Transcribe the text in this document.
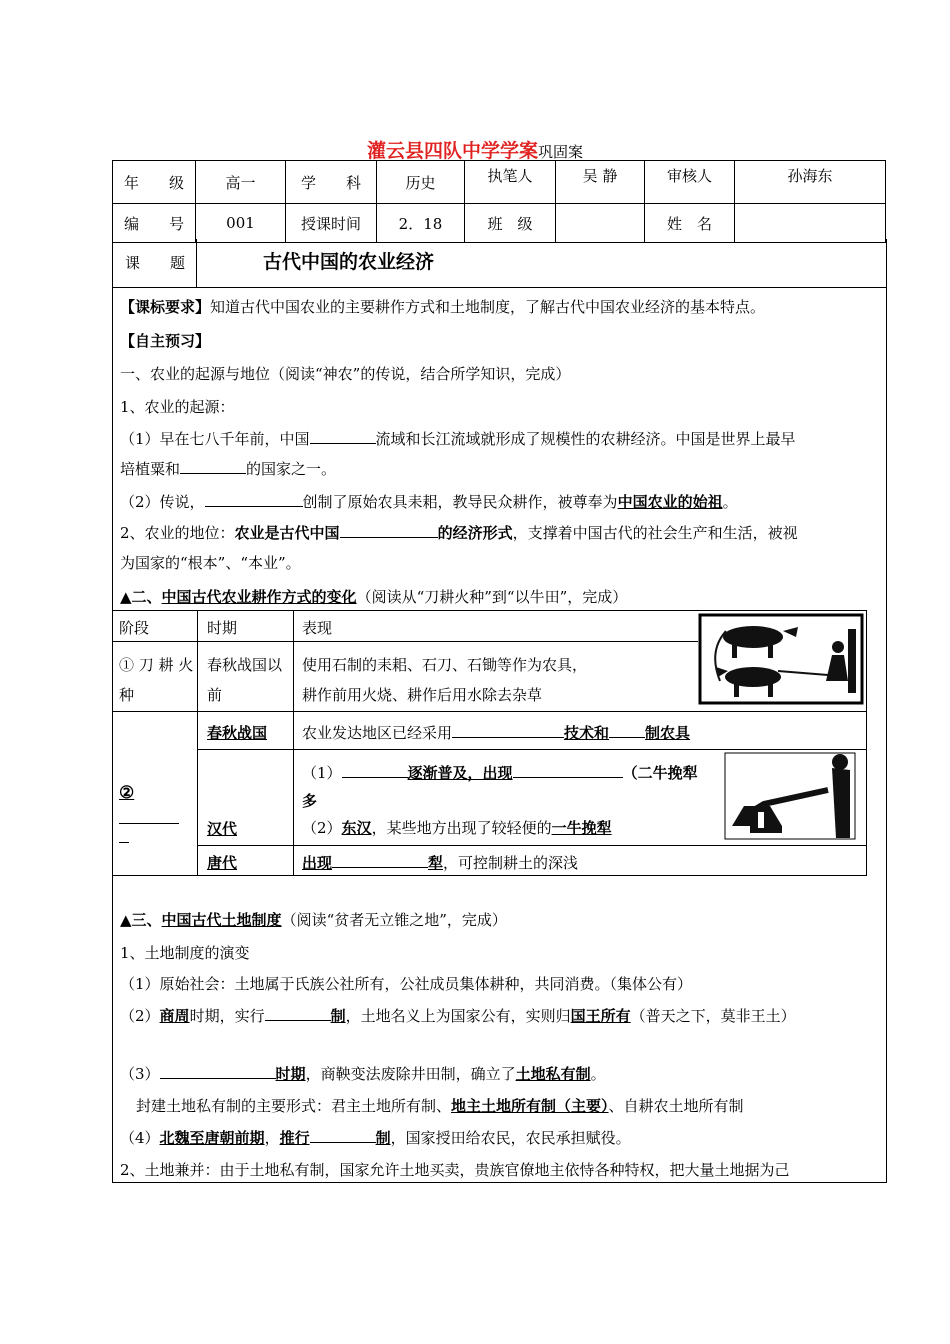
灌云县四队中学学案巩固案
年　　级	高一	学　　科	历史	执笔人	吴 静	审核人	孙海东
编　　号	001	授课时间	2．18	班　级		姓　名	
课　　题	古代中国的农业经济
【课标要求】知道古代中国农业的主要耕作方式和土地制度，了解古代中国农业经济的基本特点。
【自主预习】
一、农业的起源与地位（阅读“神农”的传说，结合所学知识，完成）
1、农业的起源：
（1）早在七八千年前，中国	流域和长江流域就形成了规模性的农耕经济。中国是世界上最早
培植粟和	的国家之一。
（2）传说，	创制了原始农具耒耜，教导民众耕作，被尊奉为中国农业的始祖。
2、农业的地位：农业是古代中国	的经济形式，支撑着中国古代的社会生产和生活，被视
为国家的“根本”、“本业”。
▲二、中国古代农业耕作方式的变化（阅读从“刀耕火种”到“以牛田”，完成）
阶段	时期	表现	
① 刀 耕 火种	春秋战国以前	使用石制的耒耜、石刀、石锄等作为农具，
耕作前用火烧、耕作后用水除去杂草	

②	春秋战国	农业发达地区已经采用 技术和 制农具	
	汉代	（1） 逐渐普及，出现 （二牛挽犁
多
（2）东汉，某些地方出现了较轻便的一牛挽犁	

	唐代	出现 犁，可控制耕土的深浅	
▲三、中国古代土地制度（阅读“贫者无立锥之地”，完成）
1、土地制度的演变
（1）原始社会：土地属于氏族公社所有，公社成员集体耕种，共同消费。（集体公有）
（2）商周时期，实行	制，土地名义上为国家公有，实则归国王所有（普天之下，莫非王土）
（3）	时期，商鞅变法废除井田制，确立了土地私有制。
封建土地私有制的主要形式：君主土地所有制、地主土地所有制（主要）、自耕农土地所有制
（4）北魏至唐朝前期，推行	制，国家授田给农民，农民承担赋役。
2、土地兼并：由于土地私有制，国家允许土地买卖，贵族官僚地主依恃各种特权，把大量土地据为己
